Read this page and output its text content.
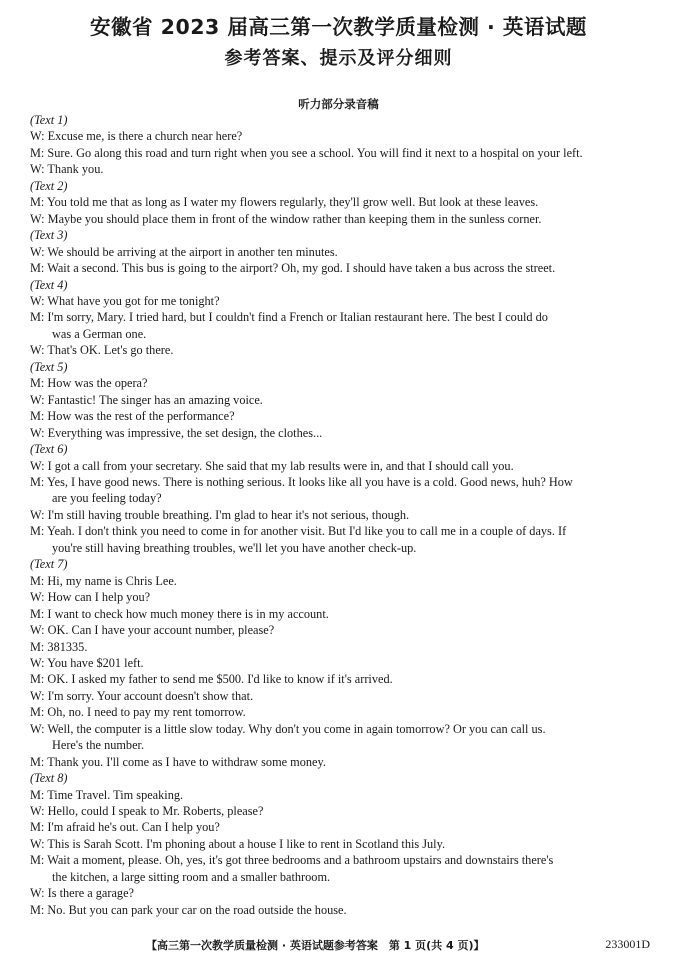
安徽省 2023 届高三第一次教学质量检测 · 英语试题
参考答案、提示及评分细则
听力部分录音稿
(Text 1)
W: Excuse me, is there a church near here?
M: Sure. Go along this road and turn right when you see a school. You will find it next to a hospital on your left.
W: Thank you.
(Text 2)
M: You told me that as long as I water my flowers regularly, they'll grow well. But look at these leaves.
W: Maybe you should place them in front of the window rather than keeping them in the sunless corner.
(Text 3)
W: We should be arriving at the airport in another ten minutes.
M: Wait a second. This bus is going to the airport? Oh, my god. I should have taken a bus across the street.
(Text 4)
W: What have you got for me tonight?
M: I'm sorry, Mary. I tried hard, but I couldn't find a French or Italian restaurant here. The best I could do
was a German one.
W: That's OK. Let's go there.
(Text 5)
M: How was the opera?
W: Fantastic! The singer has an amazing voice.
M: How was the rest of the performance?
W: Everything was impressive, the set design, the clothes...
(Text 6)
W: I got a call from your secretary. She said that my lab results were in, and that I should call you.
M: Yes, I have good news. There is nothing serious. It looks like all you have is a cold. Good news, huh? How
are you feeling today?
W: I'm still having trouble breathing. I'm glad to hear it's not serious, though.
M: Yeah. I don't think you need to come in for another visit. But I'd like you to call me in a couple of days. If
you're still having breathing troubles, we'll let you have another check-up.
(Text 7)
M: Hi, my name is Chris Lee.
W: How can I help you?
M: I want to check how much money there is in my account.
W: OK. Can I have your account number, please?
M: 381335.
W: You have $201 left.
M: OK. I asked my father to send me $500. I'd like to know if it's arrived.
W: I'm sorry. Your account doesn't show that.
M: Oh, no. I need to pay my rent tomorrow.
W: Well, the computer is a little slow today. Why don't you come in again tomorrow? Or you can call us.
Here's the number.
M: Thank you. I'll come as I have to withdraw some money.
(Text 8)
M: Time Travel. Tim speaking.
W: Hello, could I speak to Mr. Roberts, please?
M: I'm afraid he's out. Can I help you?
W: This is Sarah Scott. I'm phoning about a house I like to rent in Scotland this July.
M: Wait a moment, please. Oh, yes, it's got three bedrooms and a bathroom upstairs and downstairs there's
the kitchen, a large sitting room and a smaller bathroom.
W: Is there a garage?
M: No. But you can park your car on the road outside the house.
【高三第一次教学质量检测 · 英语试题参考答案　第 1 页(共 4 页)】	233001D
